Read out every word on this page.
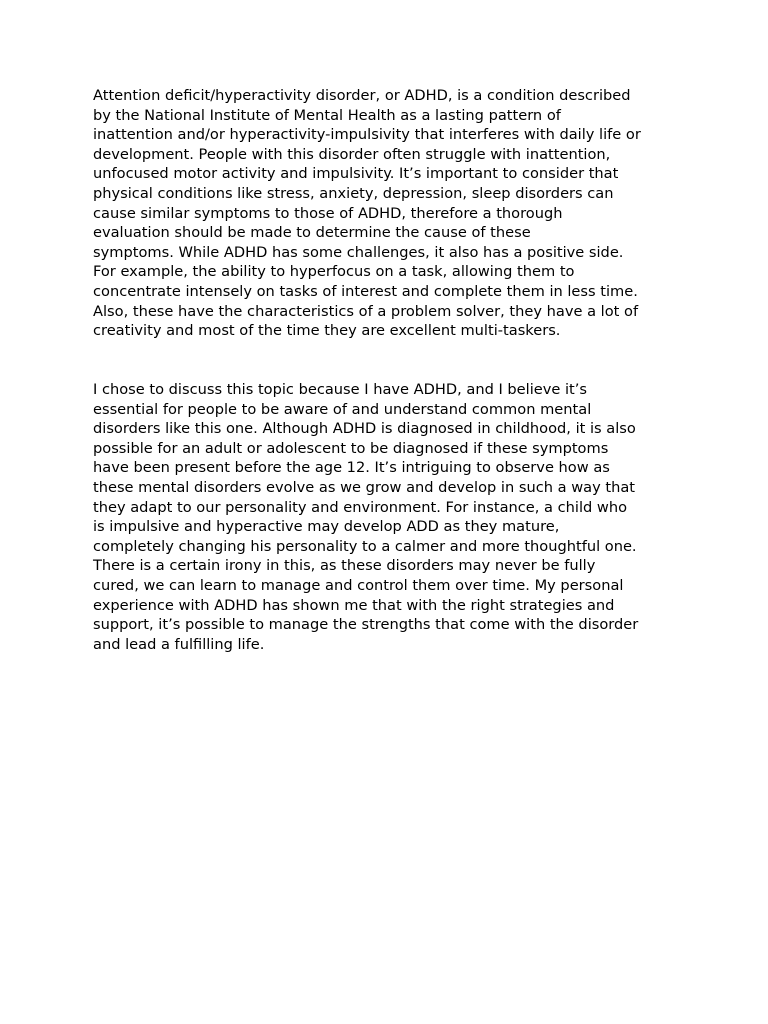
Attention deficit/hyperactivity disorder, or ADHD, is a condition described
by the National Institute of Mental Health as a lasting pattern of
inattention and/or hyperactivity-impulsivity that interferes with daily life or
development. People with this disorder often struggle with inattention,
unfocused motor activity and impulsivity. It’s important to consider that
physical conditions like stress, anxiety, depression, sleep disorders can
cause similar symptoms to those of ADHD, therefore a thorough
evaluation should be made to determine the cause of these
symptoms. While ADHD has some challenges, it also has a positive side.
For example, the ability to hyperfocus on a task, allowing them to
concentrate intensely on tasks of interest and complete them in less time.
Also, these have the characteristics of a problem solver, they have a lot of
creativity and most of the time they are excellent multi-taskers.
I chose to discuss this topic because I have ADHD, and I believe it’s
essential for people to be aware of and understand common mental
disorders like this one. Although ADHD is diagnosed in childhood, it is also
possible for an adult or adolescent to be diagnosed if these symptoms
have been present before the age 12. It’s intriguing to observe how as
these mental disorders evolve as we grow and develop in such a way that
they adapt to our personality and environment. For instance, a child who
is impulsive and hyperactive may develop ADD as they mature,
completely changing his personality to a calmer and more thoughtful one.
There is a certain irony in this, as these disorders may never be fully
cured, we can learn to manage and control them over time. My personal
experience with ADHD has shown me that with the right strategies and
support, it’s possible to manage the strengths that come with the disorder
and lead a fulfilling life.
